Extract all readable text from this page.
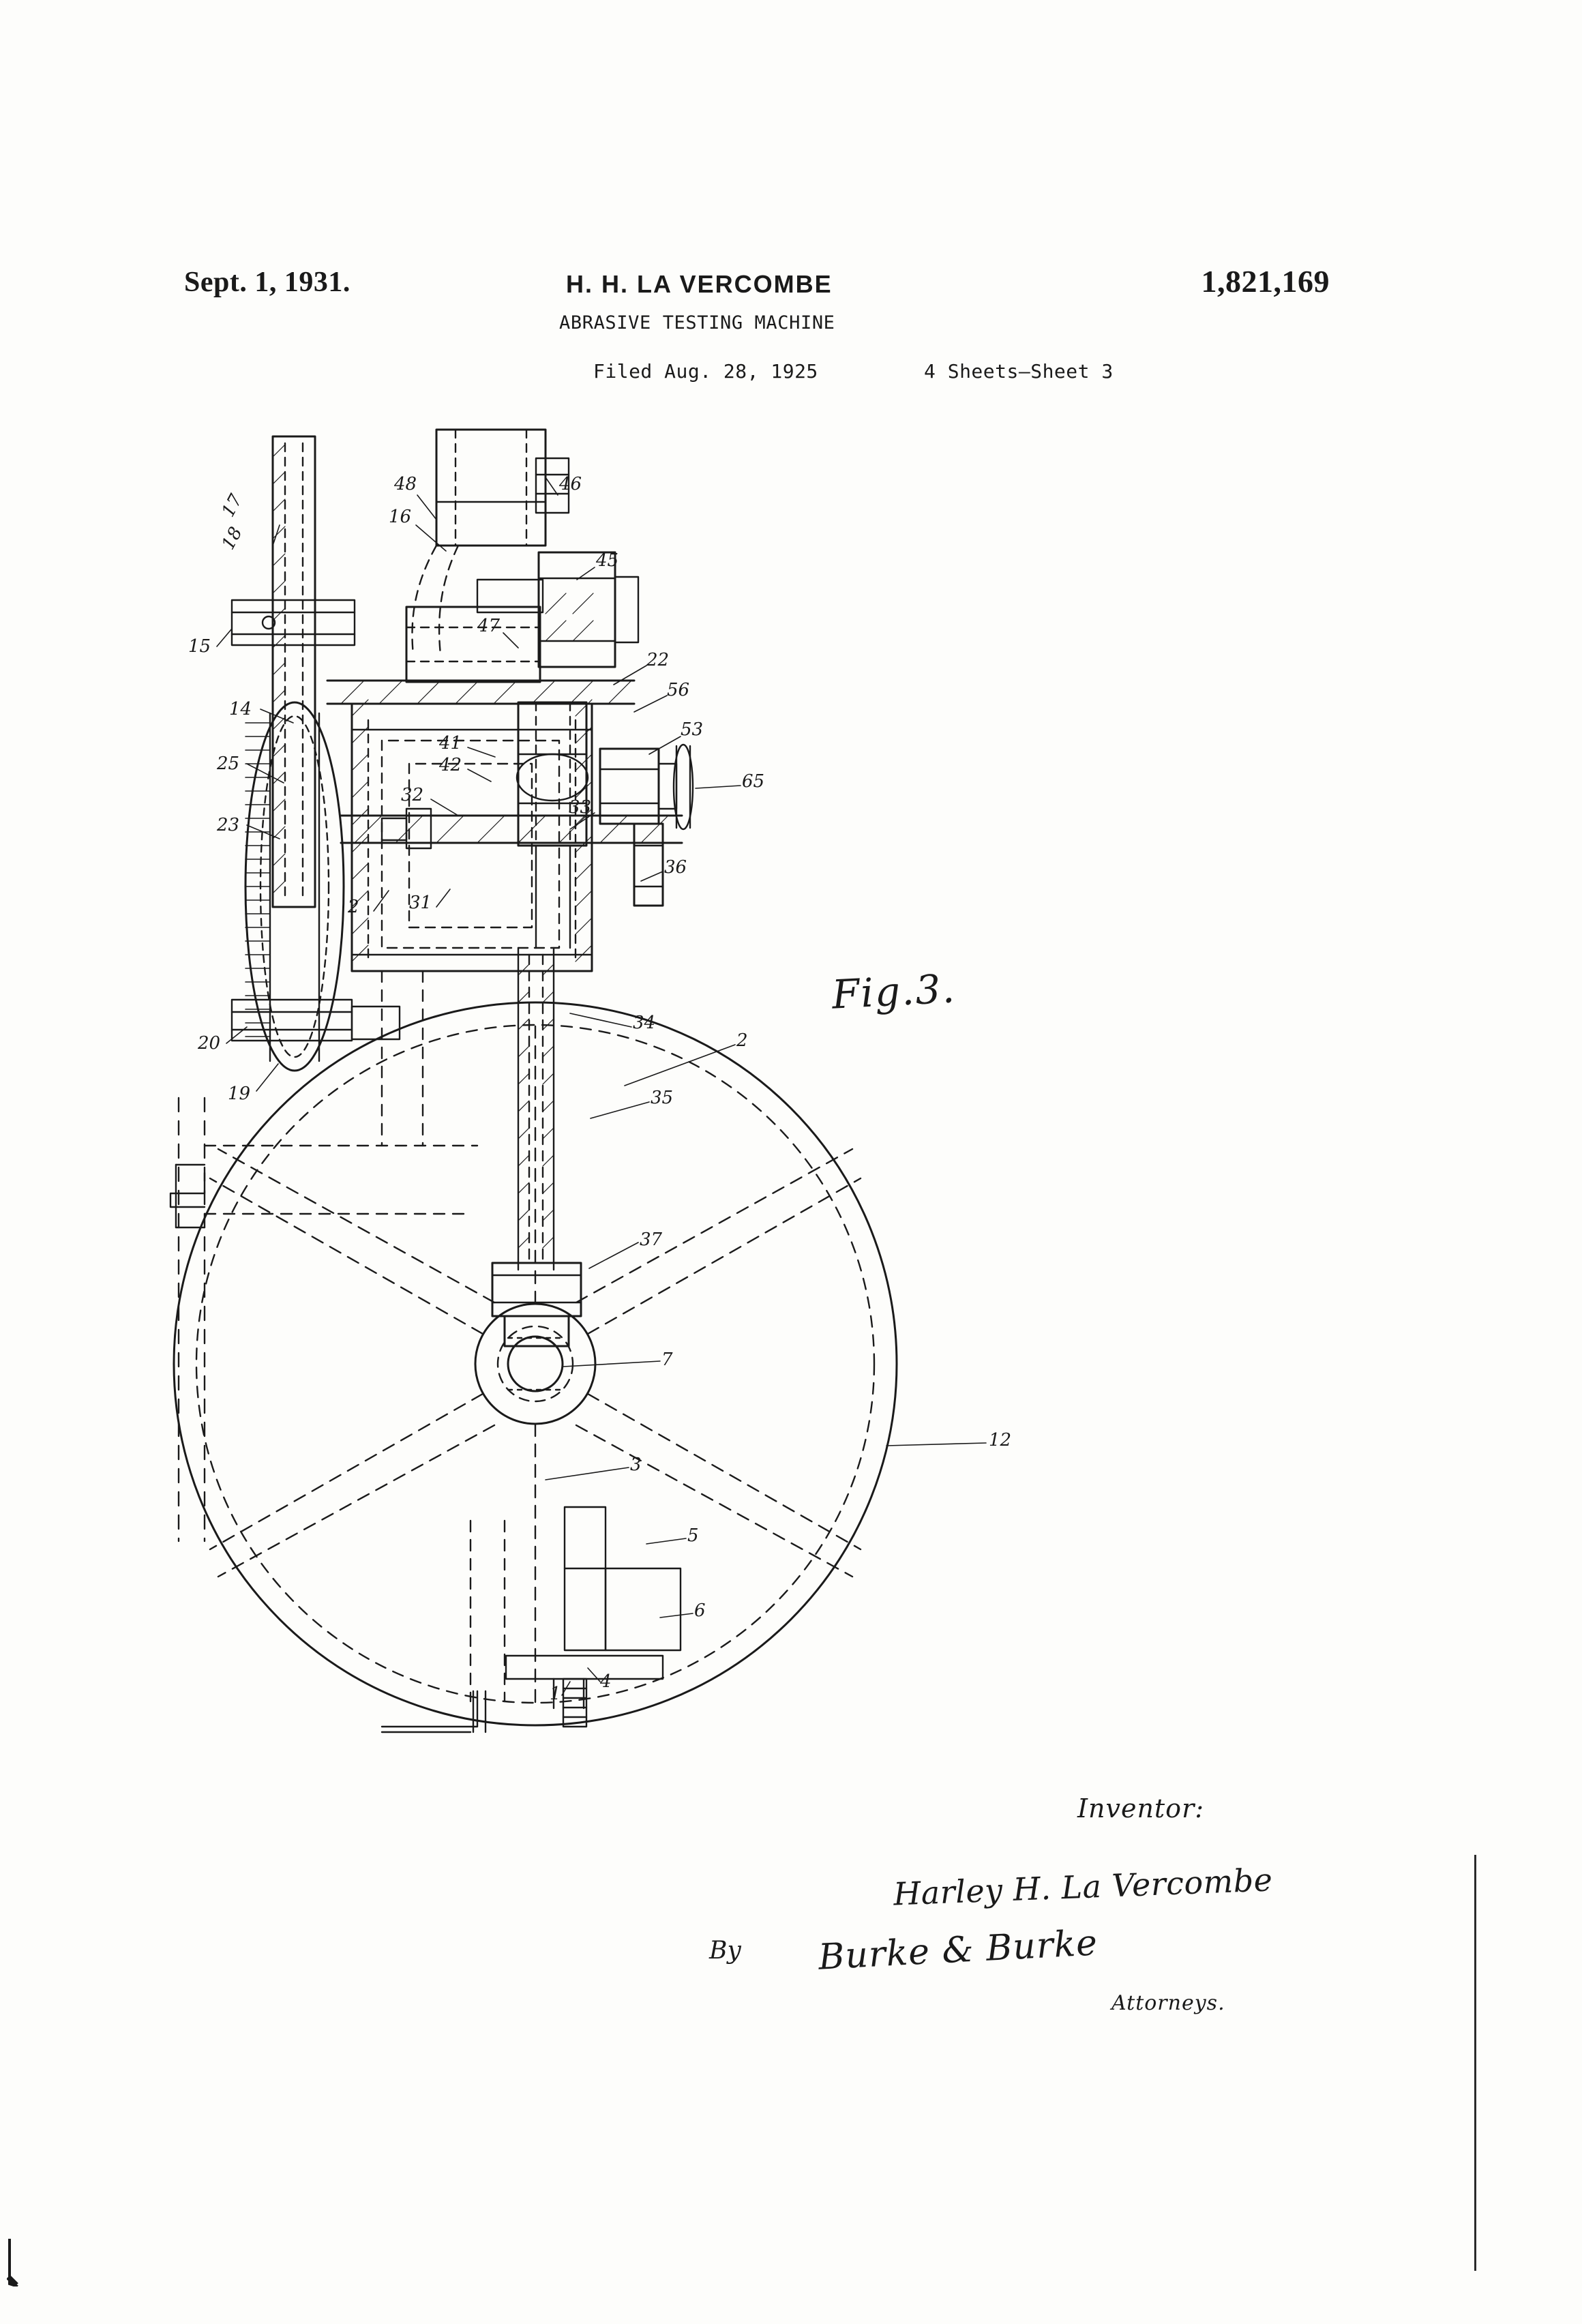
Sept. 1, 1931.	H. H. LA VERCOMBE	1,821,169
ABRASIVE TESTING MACHINE
Filed Aug. 28, 1925	4 Sheets–Sheet 3
17
18
15
14
25
23
20
19
48
16
46
45
47
22
56
53
65
41
42
32
33
36
2	31
34
2
35
37
7
12
3
5
6
4
1
Fig.3.
Inventor:
Harley H. La Vercombe
By Burke & Burke
Attorneys.
